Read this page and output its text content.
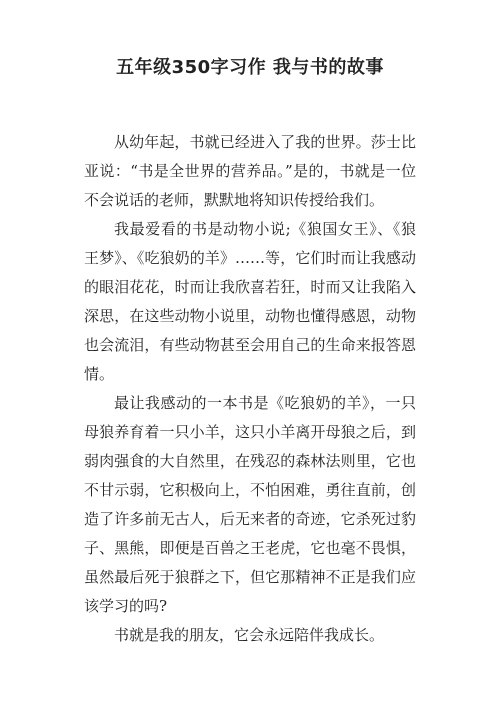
五年级350字习作 我与书的故事

从幼年起，书就已经进入了我的世界。莎士比亚说：“书是全世界的营养品。”是的，书就是一位不会说话的老师，默默地将知识传授给我们。

我最爱看的书是动物小说;《狼国女王》、《狼王梦》、《吃狼奶的羊》……等，它们时而让我感动的眼泪花花，时而让我欣喜若狂，时而又让我陷入深思，在这些动物小说里，动物也懂得感恩，动物也会流泪，有些动物甚至会用自己的生命来报答恩情。

最让我感动的一本书是《吃狼奶的羊》，一只母狼养育着一只小羊，这只小羊离开母狼之后，到弱肉强食的大自然里，在残忍的森林法则里，它也不甘示弱，它积极向上，不怕困难，勇往直前，创造了许多前无古人，后无来者的奇迹，它杀死过豹子、黑熊，即便是百兽之王老虎，它也毫不畏惧，虽然最后死于狼群之下，但它那精神不正是我们应该学习的吗?

书就是我的朋友，它会永远陪伴我成长。
